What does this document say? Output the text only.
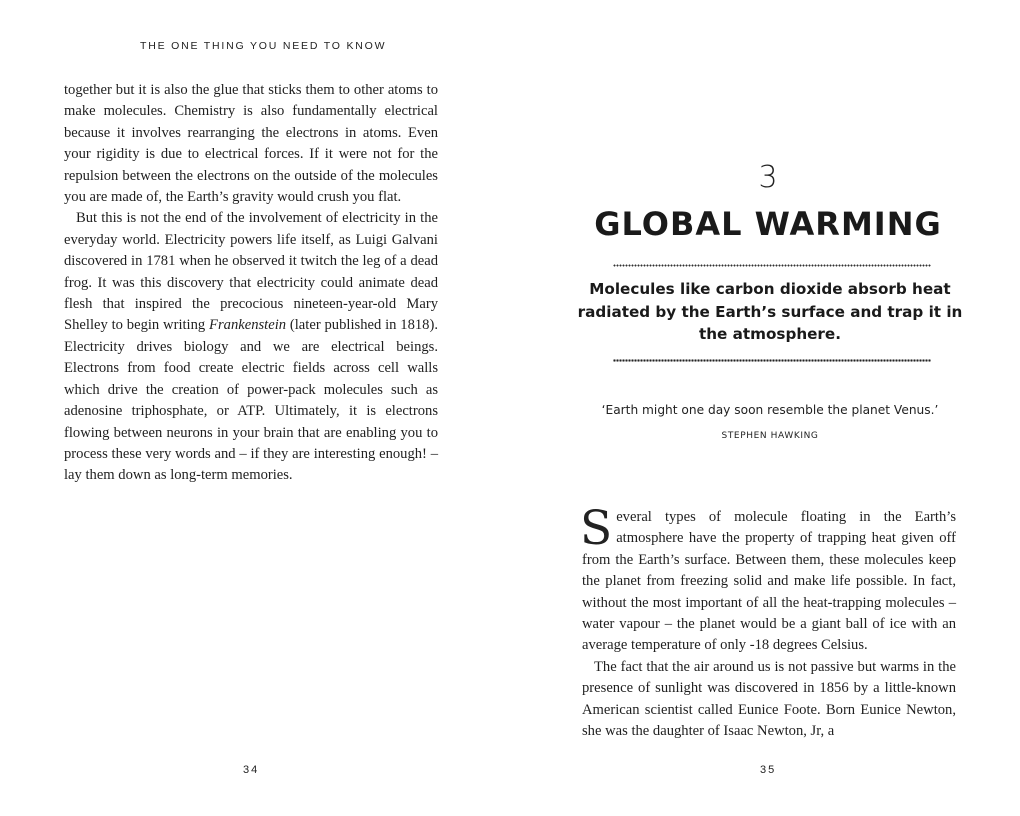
THE ONE THING YOU NEED TO KNOW

together but it is also the glue that sticks them to other atoms to make molecules. Chemistry is also fundamentally electrical because it involves rearranging the electrons in atoms. Even your rigidity is due to electrical forces. If it were not for the repulsion between the electrons on the outside of the molecules you are made of, the Earth’s gravity would crush you flat.

But this is not the end of the involvement of electricity in the everyday world. Electricity powers life itself, as Luigi Galvani discovered in 1781 when he observed it twitch the leg of a dead frog. It was this discovery that electricity could animate dead flesh that inspired the precocious nineteen-year-old Mary Shelley to begin writing Frankenstein (later published in 1818). Electricity drives biology and we are electrical beings. Electrons from food create electric fields across cell walls which drive the creation of power-pack molecules such as adenosine triphosphate, or ATP. Ultimately, it is electrons flowing between neurons in your brain that are enabling you to process these very words and – if they are interesting enough! – lay them down as long-term memories.

34
3
GLOBAL WARMING
Molecules like carbon dioxide absorb heat radiated by the Earth’s surface and trap it in the atmosphere.
‘Earth might one day soon resemble the planet Venus.’
STEPHEN HAWKING

Several types of molecule floating in the Earth’s atmosphere have the property of trapping heat given off from the Earth’s surface. Between them, these molecules keep the planet from freezing solid and make life possible. In fact, without the most important of all the heat-trapping molecules – water vapour – the planet would be a giant ball of ice with an average temperature of only -18 degrees Celsius.

The fact that the air around us is not passive but warms in the presence of sunlight was discovered in 1856 by a little-known American scientist called Eunice Foote. Born Eunice Newton, she was the daughter of Isaac Newton, Jr, a

35
